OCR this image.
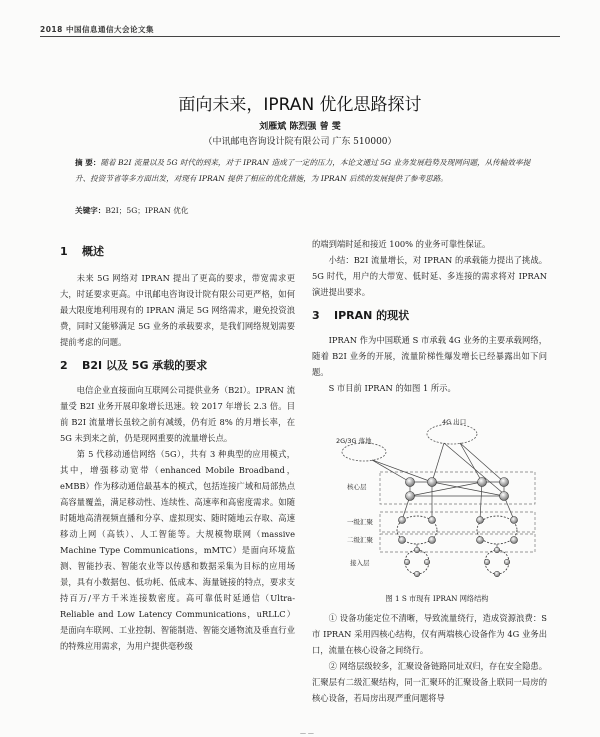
2018 中国信息通信大会论文集
面向未来，IPRAN 优化思路探讨
刘雁斌 陈烈强 曾 雯
（中讯邮电咨询设计院有限公司 广东 510000）
摘 要：随着 B2I 流量以及 5G 时代的到来，对于 IPRAN 造成了一定的压力，本论文通过 5G 业务发展趋势及现网问题，从传输效率提升、投资节省等多方面出发，对现有 IPRAN 提供了相应的优化措施，为 IPRAN 后续的发展提供了参考思路。
关键字：B2I；5G；IPRAN 优化

1 概述

未来 5G 网络对 IPRAN 提出了更高的要求，带宽需求更大，时延要求更高。中讯邮电咨询设计院有限公司更严格，如何最大限度地利用现有的 IPRAN 满足 5G 网络需求，避免投资浪费，同时又能够满足 5G 业务的承载要求，是我们网络规划需要提前考虑的问题。

2 B2I 以及 5G 承载的要求

电信企业直接面向互联网公司提供业务（B2I）。IPRAN 流量受 B2I 业务开展印象增长迅速。较 2017 年增长 2.3 倍。目前 B2I 流量增长虽较之前有减缓，仍有近 8% 的月增长率，在 5G 未到来之前，仍是现网重要的流量增长点。

第 5 代移动通信网络（5G），共有 3 种典型的应用模式，其中，增强移动宽带（enhanced Mobile Broadband，eMBB）作为移动通信最基本的模式，包括连接广域和局部热点高容量覆盖，满足移动性、连续性、高速率和高密度需求。如随时随地高清视频直播和分享、虚拟现实、随时随地云存取、高速移动上网（高铁）、人工智能等。大规模物联网（massive Machine Type Communications，mMTC）是面向环境监测、智能抄表、智能农业等以传感和数据采集为目标的应用场景，具有小数据包、低功耗、低成本、海量链接的特点，要求支持百万/平方千米连接数密度。高可靠低时延通信（Ultra-Reliable and Low Latency Communications，uRLLC）是面向车联网、工业控制、智能制造、智能交通物流及垂直行业的特殊应用需求，为用户提供毫秒级

的端到端时延和接近 100% 的业务可靠性保证。

小结：B2I 流量增长，对 IPRAN 的承载能力提出了挑战。5G 时代，用户的大带宽、低时延、多连接的需求将对 IPRAN 演进提出要求。

3 IPRAN 的现状

IPRAN 作为中国联通 S 市承载 4G 业务的主要承载网络，随着 B2I 业务的开展，流量阶梯性爆发增长已经暴露出如下问题。

S 市目前 IPRAN 的如图 1 所示。

4G 出口
2G/3G 落地
核心层
一级汇聚
二级汇聚
接入层
图 1 S 市现有 IPRAN 网络结构

① 设备功能定位不清晰，导致流量绕行，造成资源浪费：S 市 IPRAN 采用四核心结构，仅有两端核心设备作为 4G 业务出口，流量在核心设备之间绕行。

② 网络层级较多，汇聚设备链路同址双归，存在安全隐患。汇聚层有二级汇聚结构，同一汇聚环的汇聚设备上联同一局房的核心设备，若局房出现严重问题将导

— —
